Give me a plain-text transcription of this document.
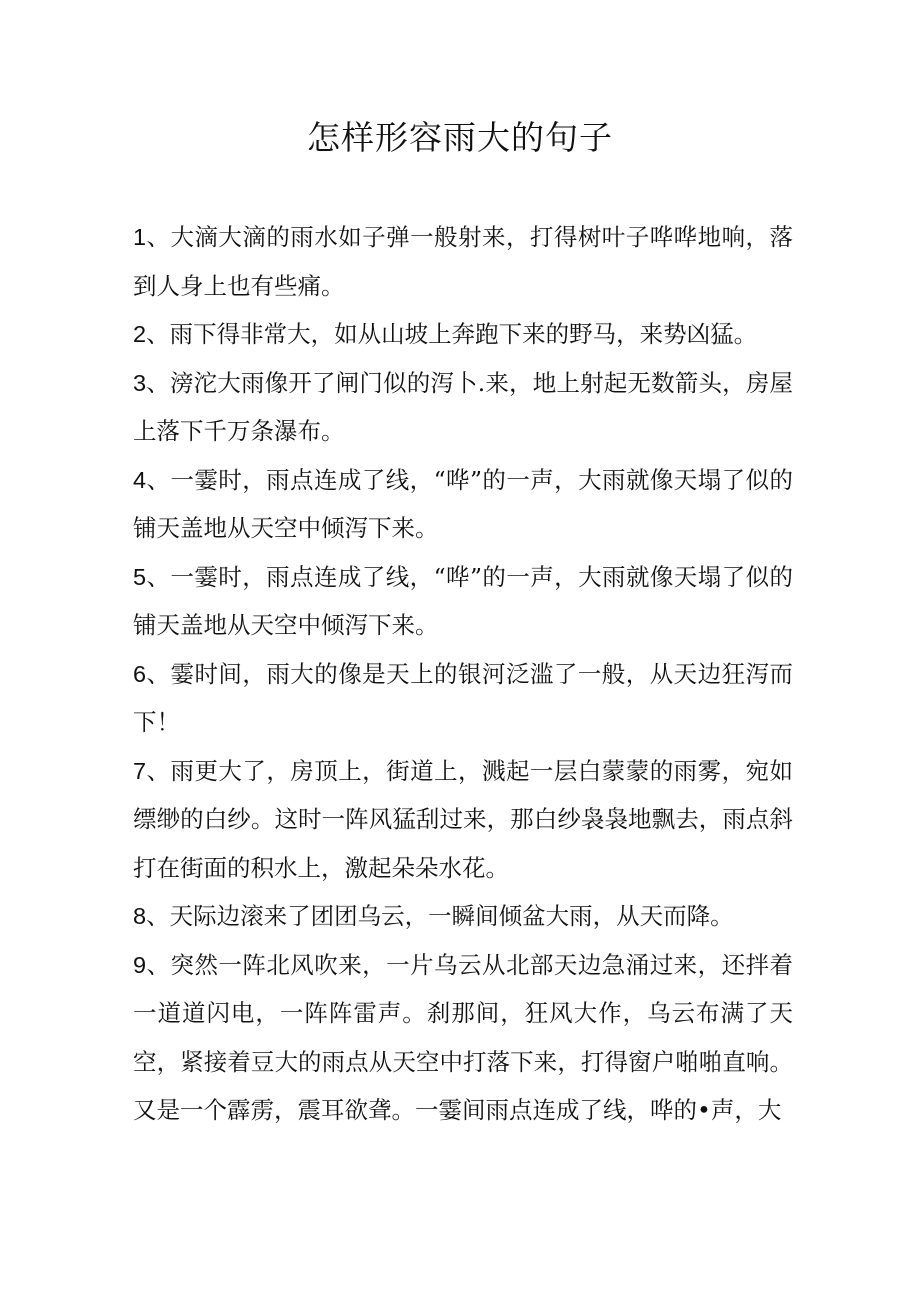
怎样形容雨大的句子

1、大滴大滴的雨水如子弹一般射来，打得树叶子哗哗地响，落到人身上也有些痛。

2、雨下得非常大，如从山坡上奔跑下来的野马，来势凶猛。

3、滂沱大雨像开了闸门似的泻卜.来，地上射起无数箭头，房屋上落下千万条瀑布。

4、一霎时，雨点连成了线，“哗”的一声，大雨就像天塌了似的铺天盖地从天空中倾泻下来。

5、一霎时，雨点连成了线，“哗”的一声，大雨就像天塌了似的铺天盖地从天空中倾泻下来。

6、霎时间，雨大的像是天上的银河泛滥了一般，从天边狂泻而下！

7、雨更大了，房顶上，街道上，溅起一层白蒙蒙的雨雾，宛如缥缈的白纱。这时一阵风猛刮过来，那白纱袅袅地飘去，雨点斜打在街面的积水上，激起朵朵水花。

8、天际边滚来了团团乌云，一瞬间倾盆大雨，从天而降。

9、突然一阵北风吹来，一片乌云从北部天边急涌过来，还拌着一道道闪电，一阵阵雷声。刹那间，狂风大作，乌云布满了天空，紧接着豆大的雨点从天空中打落下来，打得窗户啪啪直响。又是一个霹雳，震耳欲聋。一霎间雨点连成了线，哗的•声，大
